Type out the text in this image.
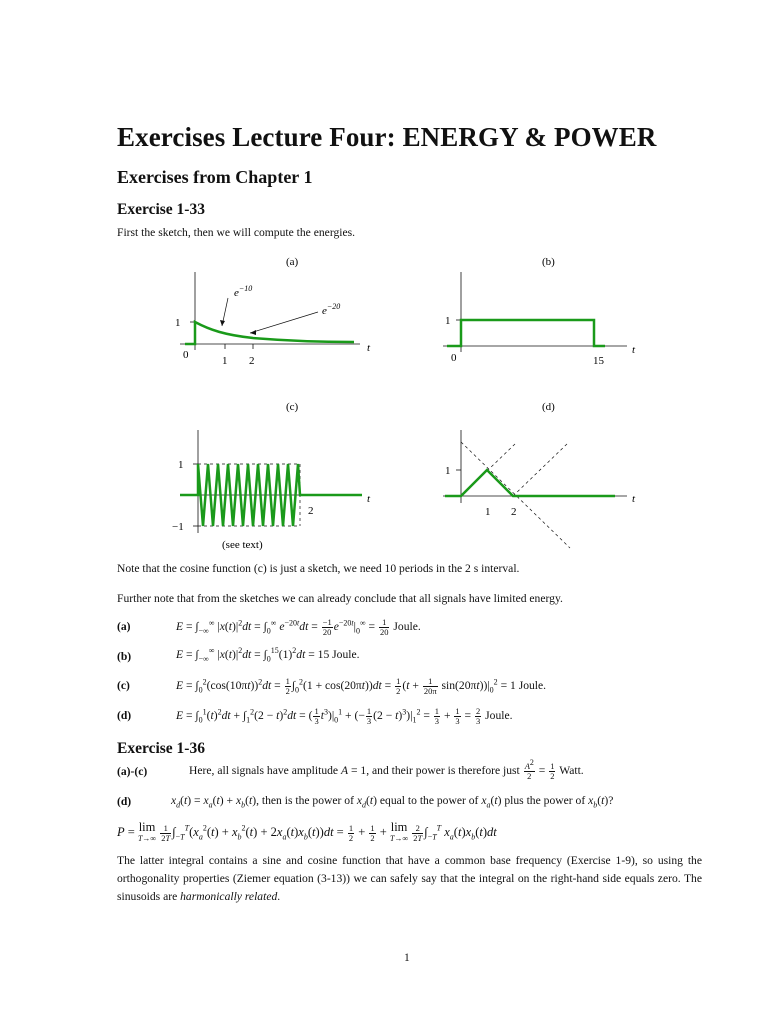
Exercises Lecture Four: ENERGY & POWER
Exercises from Chapter 1
Exercise 1-33
First the sketch, then we will compute the energies.
(a)
$e^{-10}$
$e^{-20}$
1
0	1 2
t
(b)
1
0	15
t
(c)
1
−1
2
t
(see text)
(d)
1
1 2
t
Note that the cosine function (c) is just a sketch, we need 10 periods in the 2 s interval.
Further note that from the sketches we can already conclude that all signals have limited energy.
(a)	$E = \int_{-\infty}^\infty$ $|x(t)|^2dt = \int_0^\infty$ $e^{-20t}dt = \frac{-1}{20} e^{-20t}|_0^\infty = \frac{1}{20}$ Joule.
(b)	$E = \int_{-\infty}^\infty$ $|x(t)|^2dt = \int_0^{15}(1)^2dt = 15$ Joule.
(c)	$E = \int_0^2(\cos(10\pi t))^2dt = \frac{1}{2} \int_0^2(1 + \cos(20\pi t))dt = \frac{1}{2} (t + \frac{1}{20\pi} \sin(20\pi t))|_0^2 = 1$ Joule.
(d)	$E = \int_0^1(t)^2dt + \int_1^2(2 - t)^2dt$ = ( $\frac{1}{3} t^3)|_0^1$ + (− $\frac{1}{3} (2 - t)^3)|_1^2 = \frac{1}{3} + \frac{1}{3} = \frac{2}{3}$ Joule.
Exercise 1-36
(a)-(c)	Here, all signals have amplitude A = 1, and their power is therefore just $\frac{A^2}{2} = \frac{1}{2}$ Watt.
(d)	$x_d(t) = x_a(t) + x_b(t)$, then is the power of $x_d(t)$ equal to the power of $x_a(t)$ plus the power of $x_b(t)$?
P = lim
T→∞
$\frac{1}{2T} \int_{-T}^T(x_a^2(t) + x_b^2(t) + 2x_a(t)x_b(t))dt = \frac{1}{2} + \frac{1}{2} + \lim$
T→∞
$\frac{2}{2T} \int_{-T}^T$ $x_a(t)x_b(t)dt$
The latter integral contains a sine and cosine function that have a common base frequency (Exercise 1-9), so using the orthogonality properties (Ziemer equation (3-13)) we can safely say that the integral on the right-hand side equals zero. The sinusoids are harmonically related.
1
